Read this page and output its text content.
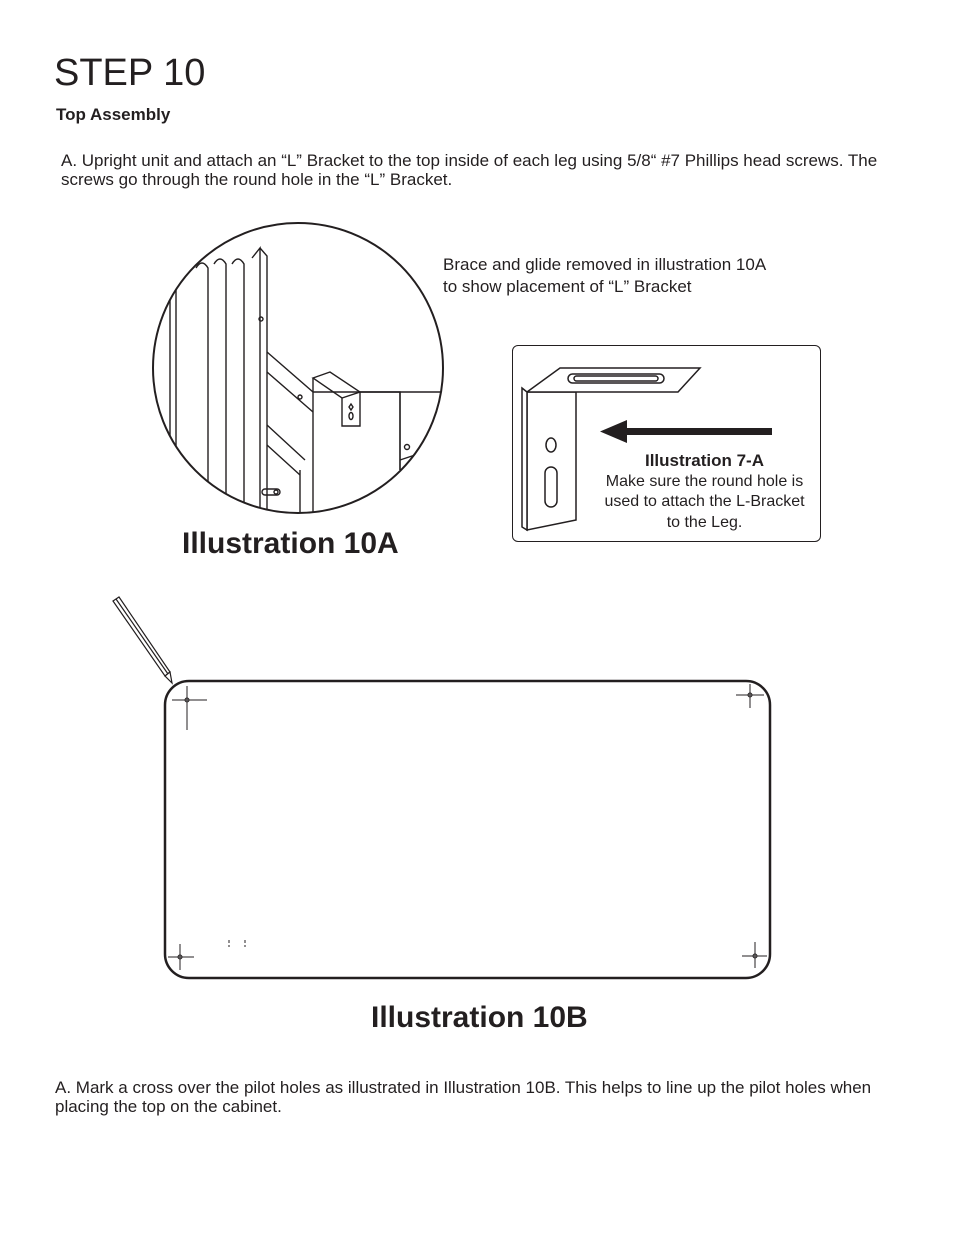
STEP 10
Top Assembly
A. Upright unit and attach an “L” Bracket to the top inside of each leg using 5/8“ #7 Phillips head screws. The screws go through the round hole in the “L” Bracket.
Brace and glide removed in illustration 10A
to show placement of “L” Bracket
Illustration 10A
Illustration 7-A
Make sure the round hole is
used to attach the L-Bracket
to the Leg.
Illustration 10B
A. Mark a cross over the pilot holes as illustrated in Illustration 10B. This helps to line up the pilot holes when placing the top on the cabinet.
